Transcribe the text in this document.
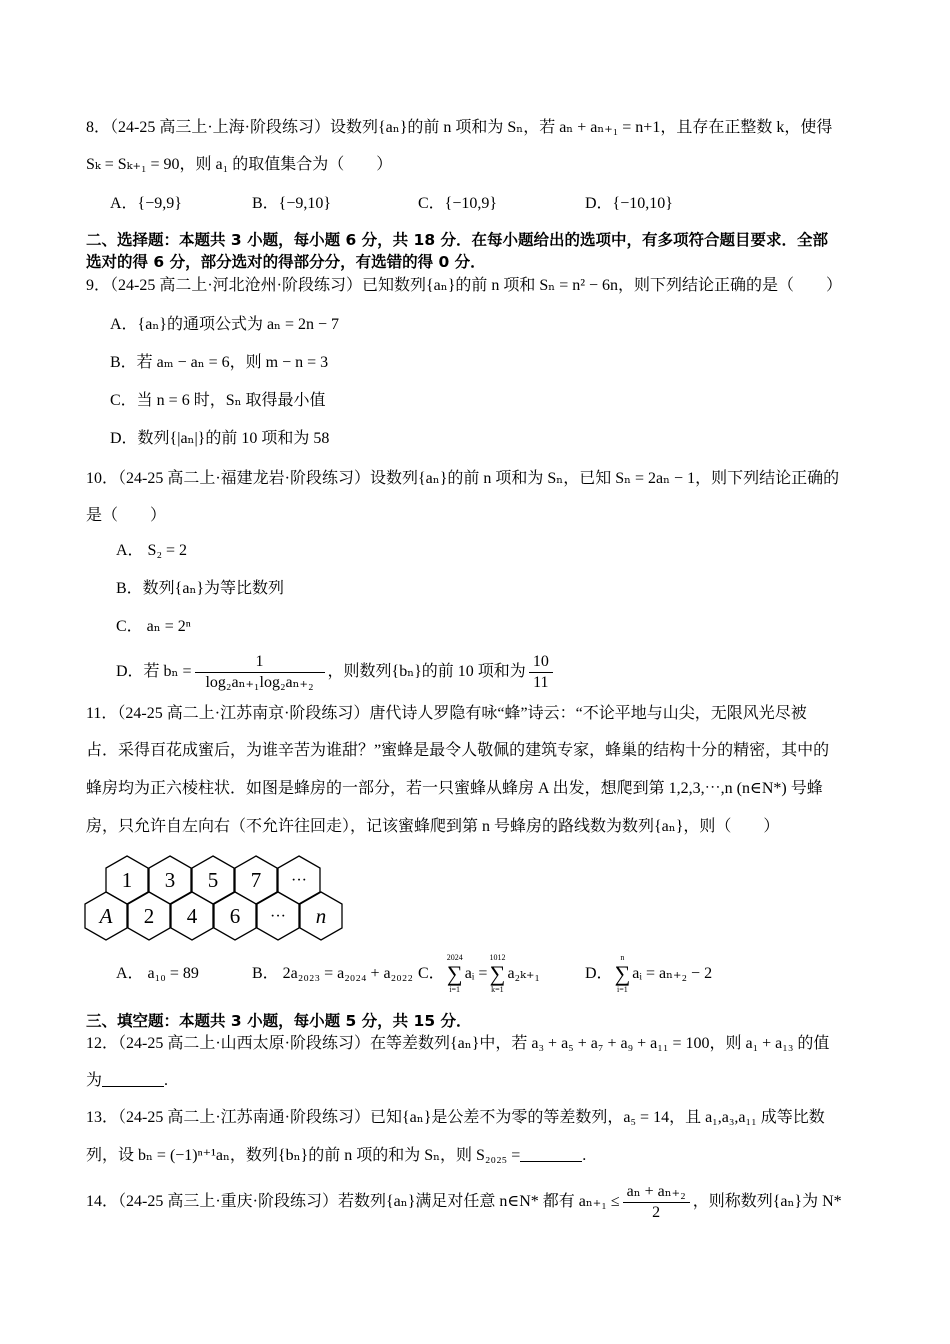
8．（24-25 高三上·上海·阶段练习）设数列{aₙ}的前 n 项和为 Sₙ，若 aₙ + aₙ₊₁ = n+1，且存在正整数 k，使得
Sₖ = Sₖ₊₁ = 90，则 a₁ 的取值集合为（　　）
A．{−9,9}	B．{−9,10}	C．{−10,9}	D．{−10,10}
二、选择题：本题共 3 小题，每小题 6 分，共 18 分．在每小题给出的选项中，有多项符合题目要求．全部
选对的得 6 分，部分选对的得部分分，有选错的得 0 分．
9．（24-25 高二上·河北沧州·阶段练习）已知数列{aₙ}的前 n 项和 Sₙ = n² − 6n，则下列结论正确的是（　　）
A．{aₙ}的通项公式为 aₙ = 2n − 7
B．若 aₘ − aₙ = 6，则 m − n = 3
C．当 n = 6 时，Sₙ 取得最小值
D．数列{|aₙ|}的前 10 项和为 58
10．（24-25 高二上·福建龙岩·阶段练习）设数列{aₙ}的前 n 项和为 Sₙ，已知 Sₙ = 2aₙ − 1，则下列结论正确的
是（　　）
A． S₂ = 2
B．数列{aₙ}为等比数列
C． aₙ = 2ⁿ
D．若 $b_n = \frac{1}{\text{log₂aₙ₊₁log₂aₙ₊₂}}$ ，则数列{bₙ}的前 10 项和为 $\frac{10}{11}$
11．（24-25 高二上·江苏南京·阶段练习）唐代诗人罗隐有咏“蜂”诗云：“不论平地与山尖，无限风光尽被
占．采得百花成蜜后，为谁辛苦为谁甜？”蜜蜂是最令人敬佩的建筑专家，蜂巢的结构十分的精密，其中的
蜂房均为正六棱柱状．如图是蜂房的一部分，若一只蜜蜂从蜂房 A 出发，想爬到第 1,2,3,⋯,n (n∈N*) 号蜂
房，只允许自左向右（不允许往回走），记该蜜蜂爬到第 n 号蜂房的路线数为数列{aₙ}，则（　　）
1 3 5 7 ···
A 2 4 6 ··· n
A． a₁₀ = 89	B． 2a₂₀₂₃ = a₂₀₂₄ + a₂₀₂₂ C．
2024
∑
i=1
aᵢ =
1012
∑
k=1
a₂ₖ₊₁	D．
n
∑
i=1
aᵢ = aₙ₊₂ − 2
三、填空题：本题共 3 小题，每小题 5 分，共 15 分．
12．（24-25 高二上·山西太原·阶段练习）在等差数列{aₙ}中，若 a₃ + a₅ + a₇ + a₉ + a₁₁ = 100，则 a₁ + a₁₃ 的值
为	.
13．（24-25 高二上·江苏南通·阶段练习）已知{aₙ}是公差不为零的等差数列，a₅ = 14，且 a₁,a₃,a₁₁ 成等比数
列，设 bₙ = (−1)ⁿ⁺¹aₙ，数列{bₙ}的前 n 项的和为 Sₙ，则 S₂₀₂₅ =	.
14．（24-25 高三上·重庆·阶段练习）若数列{aₙ}满足对任意 n∈N* 都有 $a_{n+1} \le \frac{\text{aₙ + aₙ₊₂}}{2}$ ，则称数列{aₙ}为 N*
